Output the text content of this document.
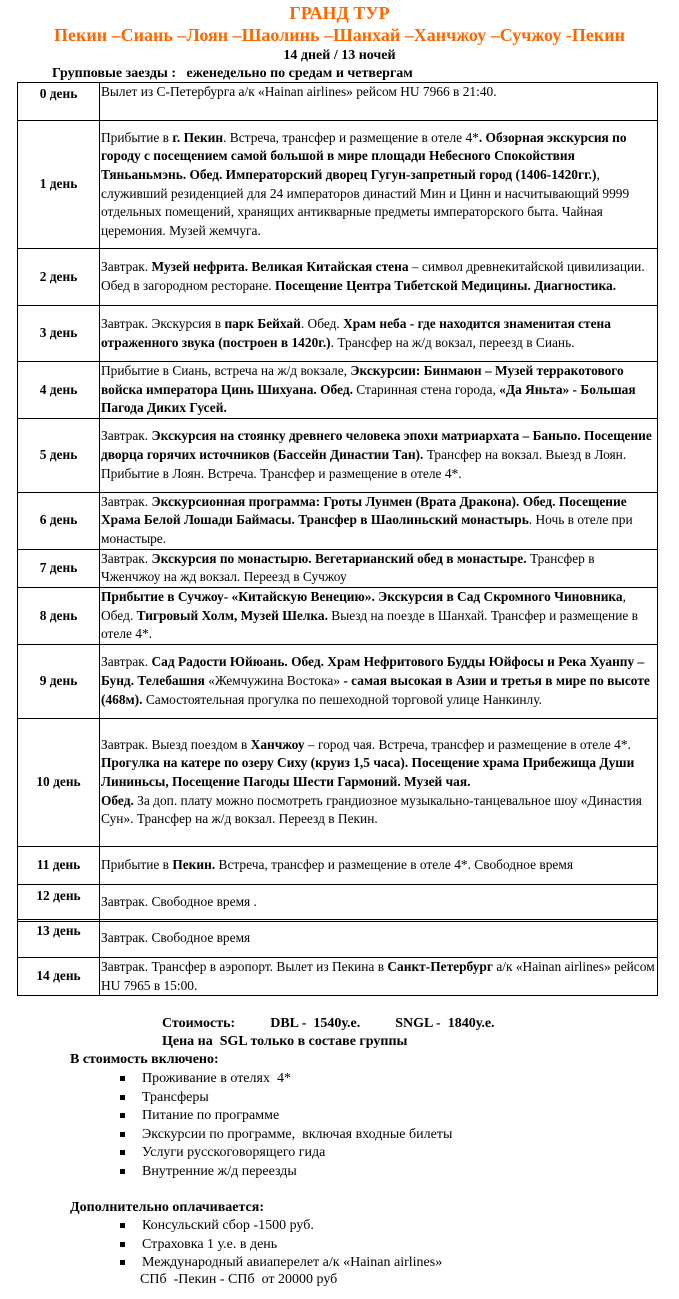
ГРАНД ТУР
Пекин –Сиань –Лоян –Шаолинь –Шанхай –Ханчжоу –Сучжоу -Пекин
14 дней / 13 ночей
Групповые заезды :   еженедельно по средам и четвергам
0 день	Вылет из С-Петербурга а/к «Hainan airlines» рейсом HU 7966 в 21:40.
1 день	Прибытие в г. Пекин. Встреча, трансфер и размещение в отеле 4*. Обзорная экскурсия по городу с посещением самой большой в мире площади Небесного Спокойствия Тяньаньмэнь. Обед. Императорский дворец Гугун-запретный город (1406-1420гг.), служивший резиденцией для 24 императоров династий Мин и Цинн и насчитывающий 9999 отдельных помещений, хранящих антикварные предметы императорского быта. Чайная церемония. Музей жемчуга.
2 день	Завтрак. Музей нефрита. Великая Китайская стена – символ древнекитайской цивилизации. Обед в загородном ресторане. Посещение Центра Тибетской Медицины. Диагностика.
3 день	Завтрак. Экскурсия в парк Бейхай. Обед. Храм неба - где находится знаменитая стена отраженного звука (построен в 1420г.). Трансфер на ж/д вокзал, переезд в Сиань.
4 день	Прибытие в Сиань, встреча на ж/д вокзале, Экскурсии: Бинмаюн – Музей терракотового войска императора Цинь Шихуана. Обед. Старинная стена города, «Да Яньта» - Большая Пагода Диких Гусей.
5 день	Завтрак. Экскурсия на стоянку древнего человека эпохи матриархата – Баньпо. Посещение дворца горячих источников (Бассейн Династии Тан). Трансфер на вокзал. Выезд в Лоян. Прибытие в Лоян. Встреча. Трансфер и размещение в отеле 4*.
6 день	Завтрак. Экскурсионная программа: Гроты Лунмен (Врата Дракона). Обед. Посещение Храма Белой Лошади Баймасы. Трансфер в Шаолиньский монастырь. Ночь в отеле при монастыре.
7 день	Завтрак. Экскурсия по монастырю. Вегетарианский обед в монастыре. Трансфер в Чженчжоу на жд вокзал. Переезд в Сучжоу
8 день	Прибытие в Сучжоу- «Китайскую Венецию». Экскурсия в Сад Скромного Чиновника, Обед. Тигровый Холм, Музей Шелка. Выезд на поезде в Шанхай. Трансфер и размещение в отеле 4*.
9 день	Завтрак. Сад Радости Юйюань. Обед. Храм Нефритового Будды Юйфосы и Река Хуанпу –Бунд. Телебашня «Жемчужина Востока» - самая высокая в Азии и третья в мире по высоте (468м). Самостоятельная прогулка по пешеходной торговой улице Нанкинлу.
10 день	Завтрак. Выезд поездом в Ханчжоу – город чая. Встреча, трансфер и размещение в отеле 4*. Прогулка на катере по озеру Сиху (круиз 1,5 часа). Посещение храма Прибежища Души Лининьсы, Посещение Пагоды Шести Гармоний. Музей чая.
Обед. За доп. плату можно посмотреть грандиозное музыкально-танцевальное шоу «Династия Сун». Трансфер на ж/д вокзал. Переезд в Пекин.
11 день	Прибытие в Пекин. Встреча, трансфер и размещение в отеле 4*. Свободное время
12 день	Завтрак. Свободное время .
13 день	Завтрак. Свободное время
14 день	Завтрак. Трансфер в аэропорт. Вылет из Пекина в Санкт-Петербург а/к «Hainan airlines» рейсом HU 7965 в 15:00.
Стоимость:	DBL -  1540у.е.	SNGL -  1840у.е.
Цена на  SGL только в составе группы
В стоимость включено:
Проживание в отелях  4*
Трансферы
Питание по программе
Экскурсии по программе,  включая входные билеты
Услуги русскоговорящего гида
Внутренние ж/д переезды
Дополнительно оплачивается:
Консульский сбор -1500 руб.
Страховка 1 у.е. в день
Международный авиаперелет а/к «Hainan airlines»
СПб  -Пекин - СПб  от 20000 руб
